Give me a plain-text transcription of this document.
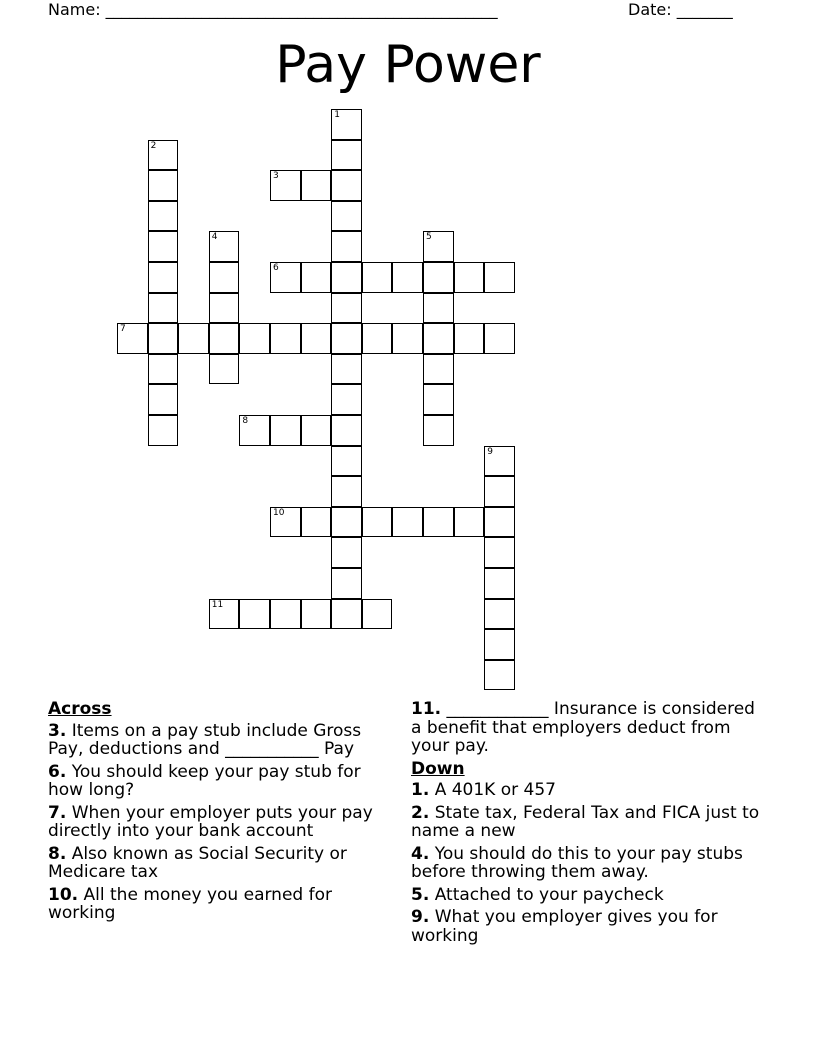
Name: _________________________________________________	Date: _______
Pay Power
1
2
3
4	5
6
7
8
9
10
11
Across
3. Items on a pay stub include Gross Pay, deductions and ___________ Pay
6. You should keep your pay stub for how long?
7. When your employer puts your pay directly into your bank account
8. Also known as Social Security or Medicare tax
10. All the money you earned for working
11. ____________ Insurance is considered a benefit that employers deduct from your pay.
Down
1. A 401K or 457
2. State tax, Federal Tax and FICA just to name a new
4. You should do this to your pay stubs before throwing them away.
5. Attached to your paycheck
9. What you employer gives you for working
